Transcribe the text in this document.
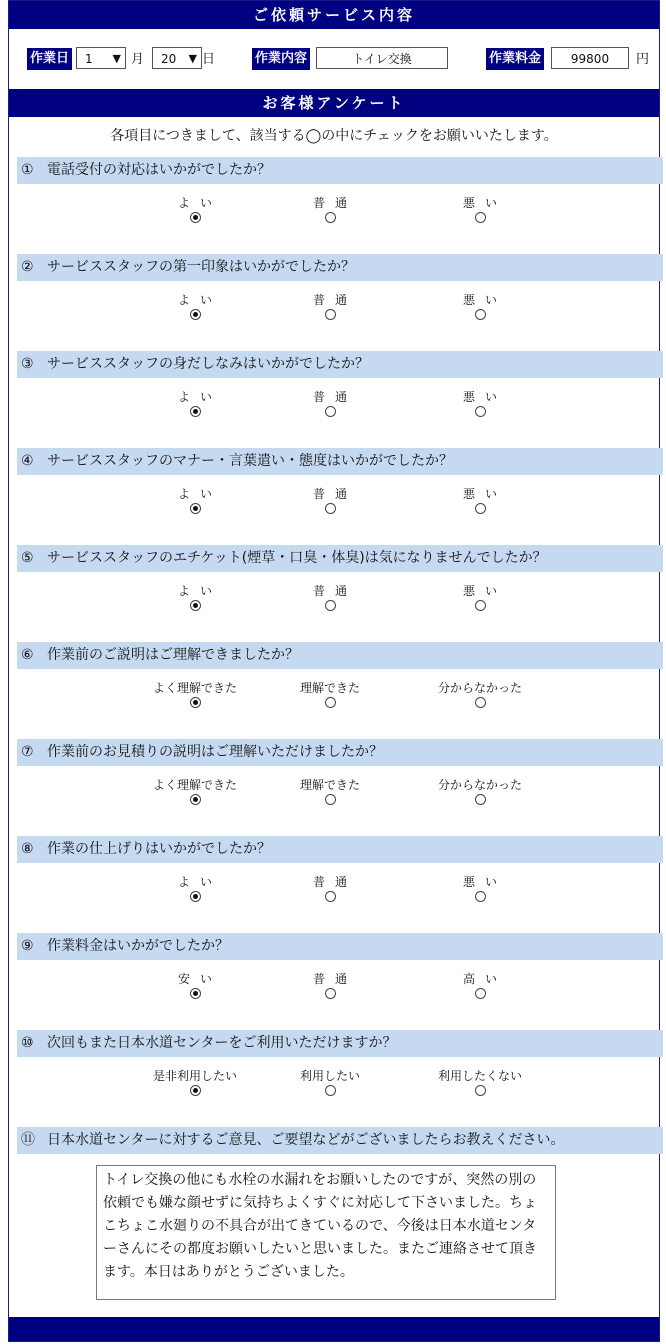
ご依頼サービス内容
作業日	1 ▼ 月	20 ▼ 日	作業内容	トイレ交換	作業料金	99800	円
お客様アンケート
各項目につきまして、該当する◯の中にチェックをお願いいたします。
① 電話受付の対応はいかがでしたか？
よい	普通	悪い
② サービススタッフの第一印象はいかがでしたか？
よい	普通	悪い
③ サービススタッフの身だしなみはいかがでしたか？
よい	普通	悪い
④ サービススタッフのマナー・言葉遣い・態度はいかがでしたか？
よい	普通	悪い
⑤ サービススタッフのエチケット(煙草・口臭・体臭)は気になりませんでしたか？
よい	普通	悪い
⑥ 作業前のご説明はご理解できましたか？
よく理解できた	理解できた	分からなかった
⑦ 作業前のお見積りの説明はご理解いただけましたか？
よく理解できた	理解できた	分からなかった
⑧ 作業の仕上げりはいかがでしたか？
よい	普通	悪い
⑨ 作業料金はいかがでしたか？
安い	普通	高い
⑩ 次回もまた日本水道センターをご利用いただけますか？
是非利用したい	利用したい	利用したくない
⑪ 日本水道センターに対するご意見、ご要望などがございましたらお教えください。
トイレ交換の他にも水栓の水漏れをお願いしたのですが、突然の別の依頼でも嫌な顔せずに気持ちよくすぐに対応して下さいました。ちょこちょこ水廻りの不具合が出てきているので、今後は日本水道センターさんにその都度お願いしたいと思いました。またご連絡させて頂きます。本日はありがとうございました。
